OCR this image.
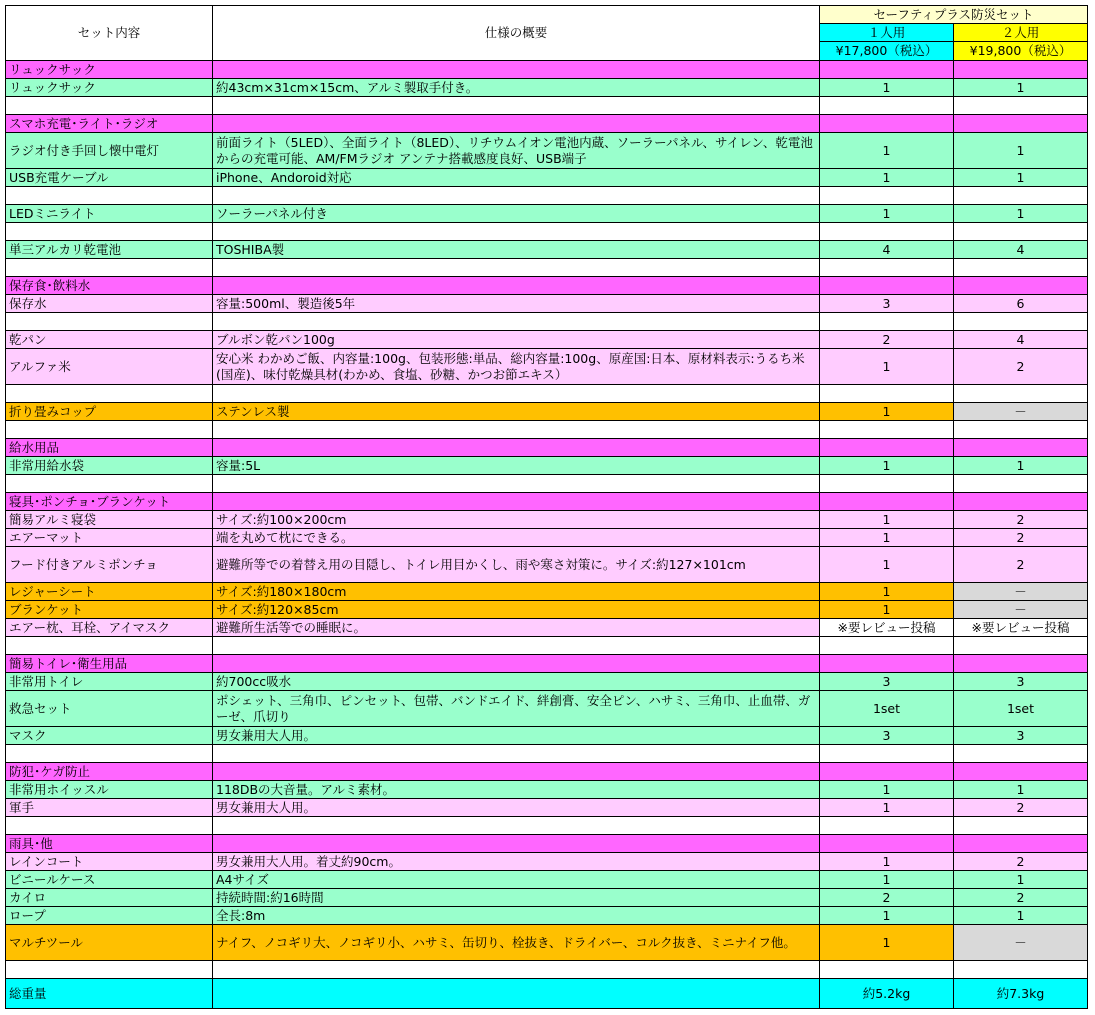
セット内容	仕様の概要	セーフティプラス防災セット	
		１人用	２人用
		¥17,800（税込）	¥19,800（税込）
リュックサック			
リュックサック	約43cm×31cm×15cm、アルミ製取手付き。	1	1

スマホ充電･ライト･ラジオ			
ラジオ付き手回し懐中電灯	前面ライト（5LED）、全面ライト（8LED）、リチウムイオン電池内蔵、ソーラーパネル、サイレン、乾電池からの充電可能、AM/FMラジオ アンテナ搭載感度良好、USB端子	1	1
USB充電ケーブル	iPhone、Andoroid対応	1	1

LEDミニライト	ソーラーパネル付き	1	1

単三アルカリ乾電池	TOSHIBA製	4	4

保存食･飲料水			
保存水	容量:500ml、製造後5年	3	6

乾パン	ブルボン乾パン100g	2	4
アルファ米	安心米 わかめご飯、内容量:100g、包装形態:単品、総内容量:100g、原産国:日本、原材料表示:うるち米(国産)、味付乾燥具材(わかめ、食塩、砂糖、かつお節エキス）	1	2

折り畳みコップ	ステンレス製	1	－

給水用品			
非常用給水袋	容量:5L	1	1

寝具･ポンチョ･ブランケット			
簡易アルミ寝袋	サイズ:約100×200cm	1	2
エアーマット	端を丸めて枕にできる。	1	2
フード付きアルミポンチョ	避難所等での着替え用の目隠し、トイレ用目かくし、雨や寒さ対策に。サイズ:約127×101cm	1	2
レジャーシート	サイズ:約180×180cm	1	－
ブランケット	サイズ:約120×85cm	1	－
エアー枕、耳栓、アイマスク	避難所生活等での睡眠に。	※要レビュー投稿	※要レビュー投稿

簡易トイレ･衛生用品			
非常用トイレ	約700cc吸水	3	3
救急セット	ポシェット、三角巾、ピンセット、包帯、バンドエイド、絆創膏、安全ピン、ハサミ、三角巾、止血帯、ガーゼ、爪切り	1set	1set
マスク	男女兼用大人用。	3	3

防犯･ケガ防止			
非常用ホイッスル	118DBの大音量。アルミ素材。	1	1
軍手	男女兼用大人用。	1	2

雨具･他			
レインコート	男女兼用大人用。着丈約90cm。	1	2
ビニールケース	A4サイズ	1	1
カイロ	持続時間:約16時間	2	2
ロープ	全長:8m	1	1
マルチツール	ナイフ、ノコギリ大、ノコギリ小、ハサミ、缶切り、栓抜き、ドライバー、コルク抜き、ミニナイフ他。	1	－

総重量		約5.2kg	約7.3kg
